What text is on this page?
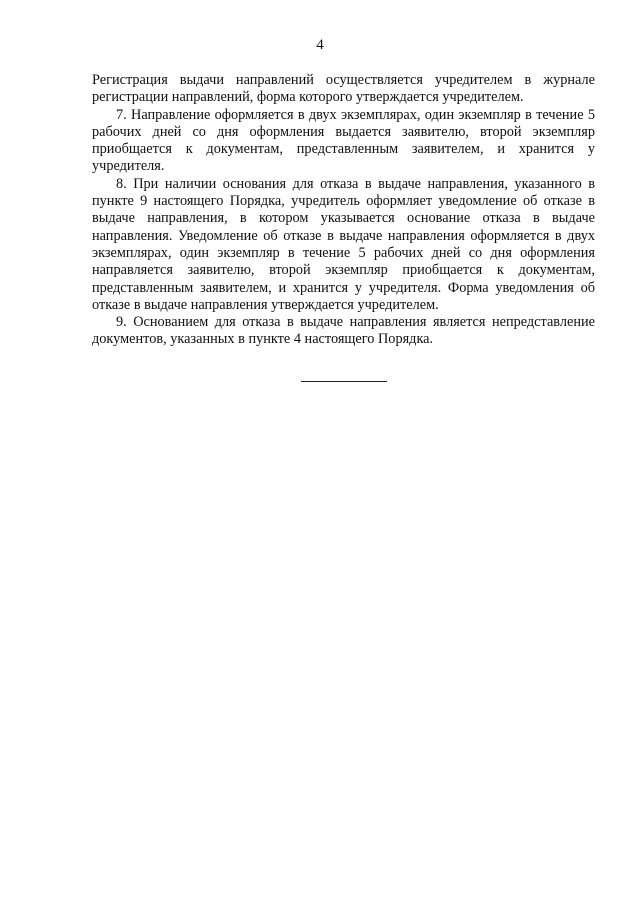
4

Регистрация выдачи направлений осуществляется учредителем в журнале регистрации направлений, форма которого утверждается учредителем.

7. Направление оформляется в двух экземплярах, один экземпляр в течение 5 рабочих дней со дня оформления выдается заявителю, второй экземпляр приобщается к документам, представленным заявителем, и хранится у учредителя.

8. При наличии основания для отказа в выдаче направления, указанного в пункте 9 настоящего Порядка, учредитель оформляет уведомление об отказе в выдаче направления, в котором указывается основание отказа в выдаче направления. Уведомление об отказе в выдаче направления оформляется в двух экземплярах, один экземпляр в течение 5 рабочих дней со дня оформления направляется заявителю, второй экземпляр приобщается к документам, представленным заявителем, и хранится у учредителя. Форма уведомления об отказе в выдаче направления утверждается учредителем.

9. Основанием для отказа в выдаче направления является непредставление документов, указанных в пункте 4 настоящего Порядка.
